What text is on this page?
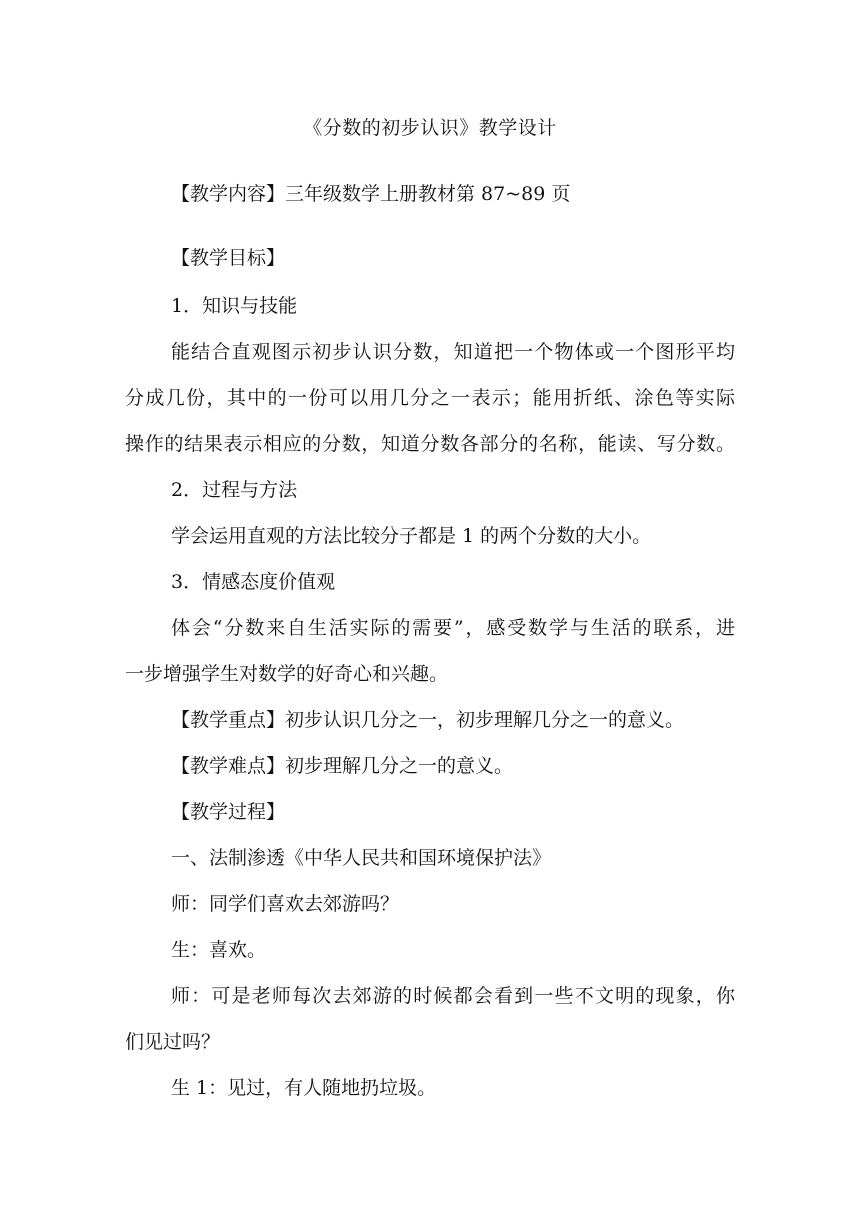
《分数的初步认识》教学设计
【教学内容】三年级数学上册教材第 87~89 页
【教学目标】
1．知识与技能
能结合直观图示初步认识分数，知道把一个物体或一个图形平均
分成几份，其中的一份可以用几分之一表示；能用折纸、涂色等实际
操作的结果表示相应的分数，知道分数各部分的名称，能读、写分数。
2．过程与方法
学会运用直观的方法比较分子都是 1 的两个分数的大小。
3．情感态度价值观
体会“分数来自生活实际的需要”，感受数学与生活的联系，进
一步增强学生对数学的好奇心和兴趣。
【教学重点】初步认识几分之一，初步理解几分之一的意义。
【教学难点】初步理解几分之一的意义。
【教学过程】
一、法制渗透《中华人民共和国环境保护法》
师：同学们喜欢去郊游吗？
生：喜欢。
师：可是老师每次去郊游的时候都会看到一些不文明的现象，你
们见过吗？
生 1：见过，有人随地扔垃圾。
